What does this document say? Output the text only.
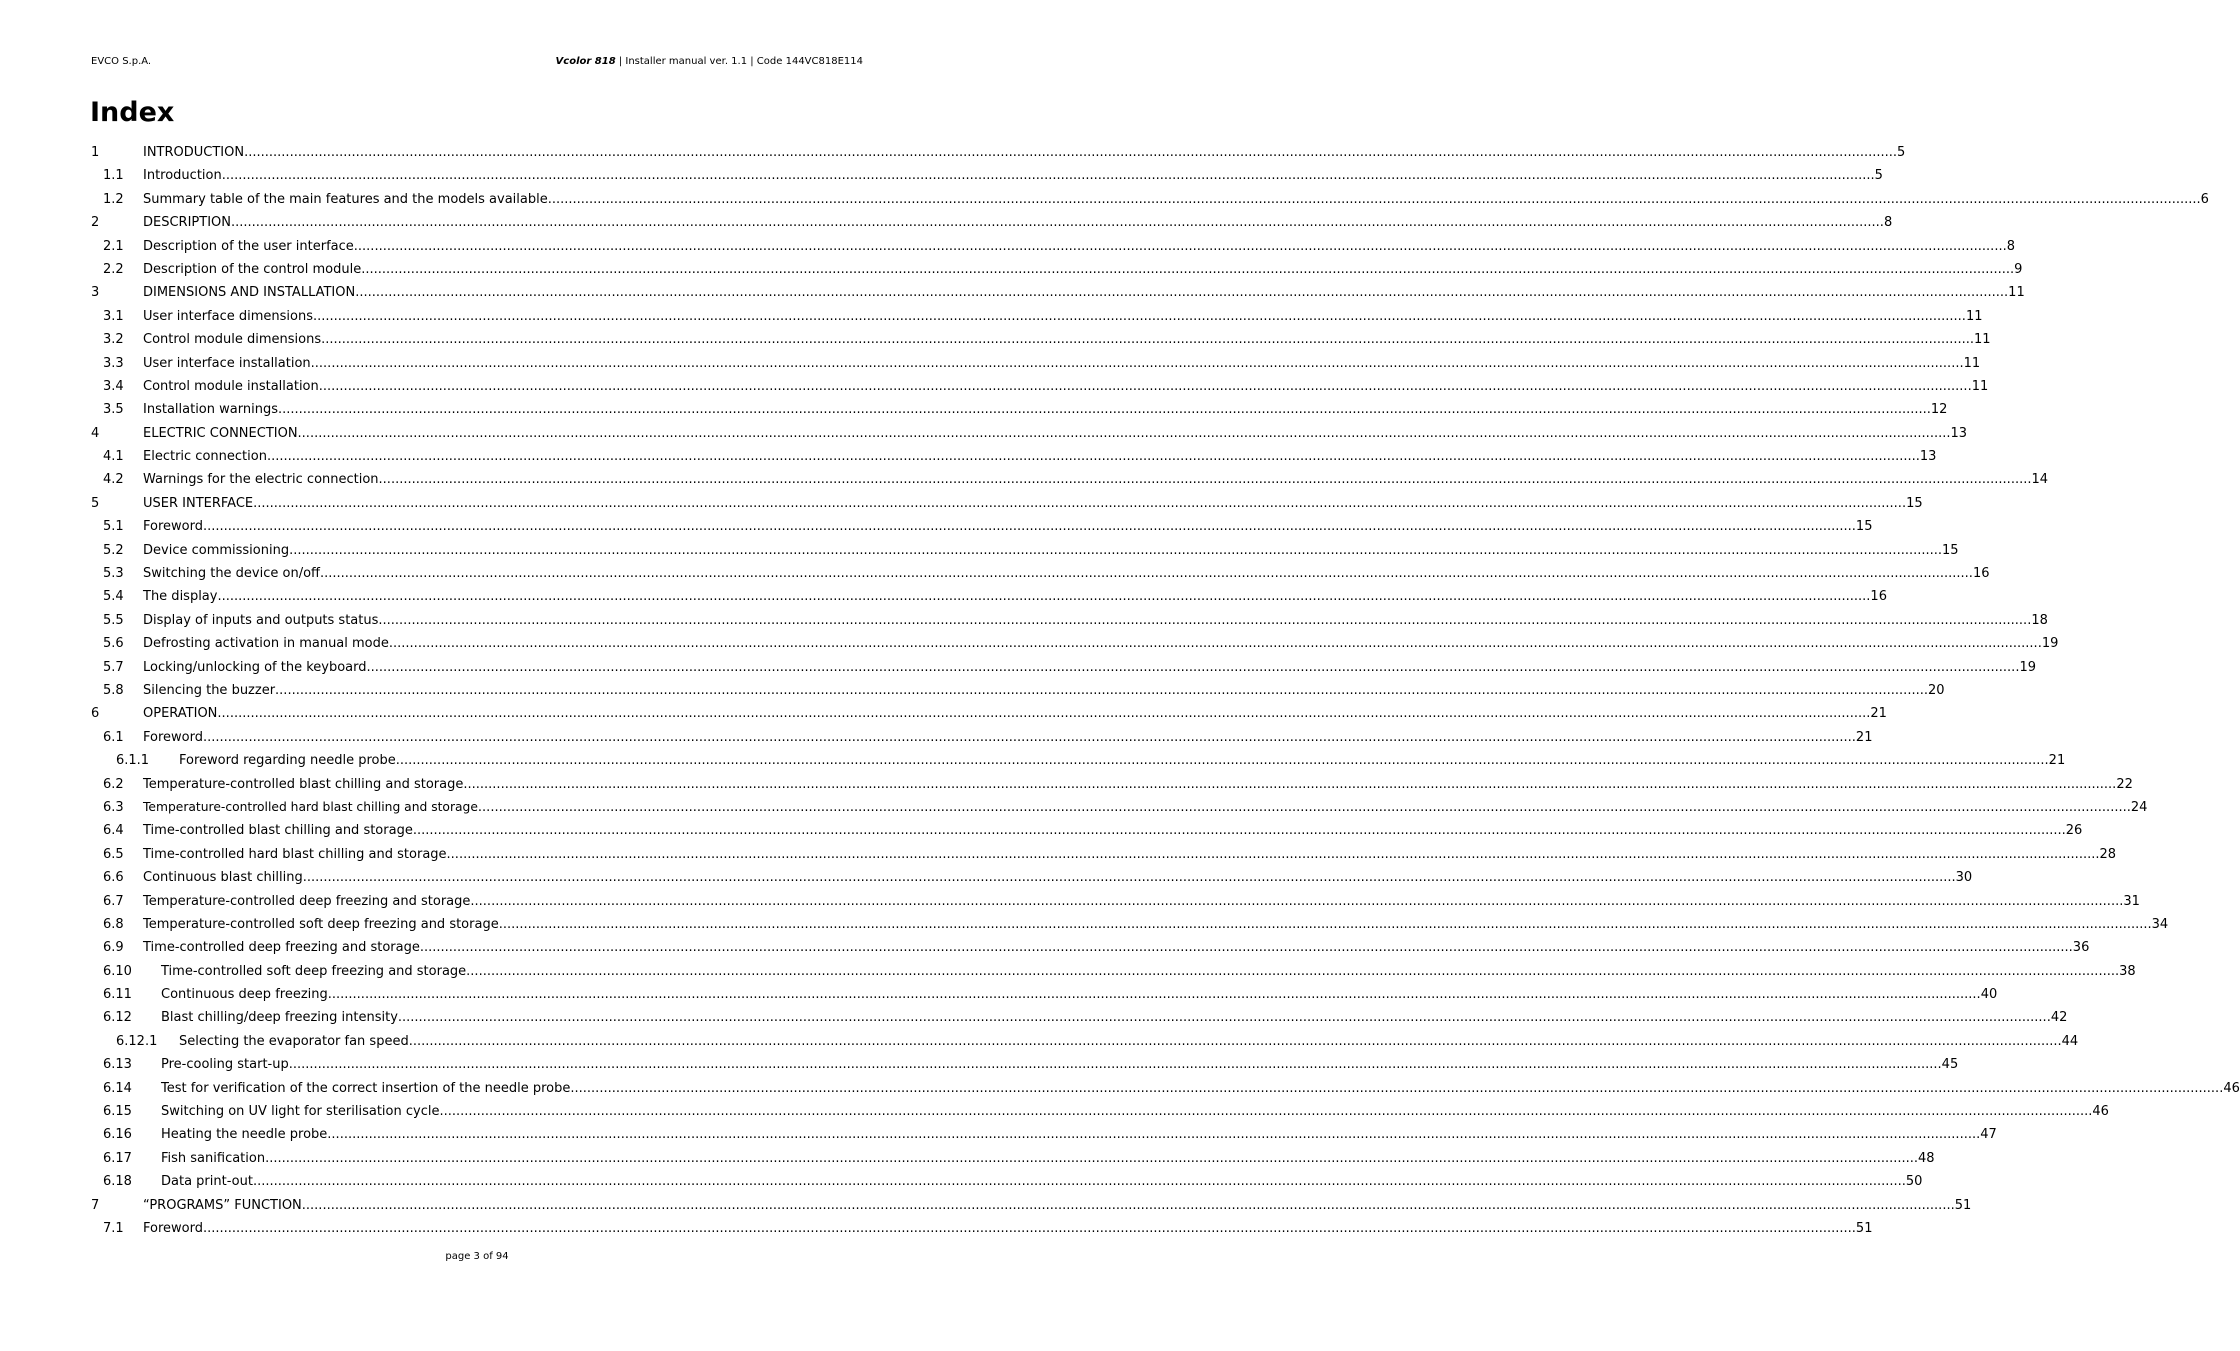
EVCO S.p.A.	Vcolor 818 | Installer manual ver. 1.1 | Code 144VC818E114
Index
1	INTRODUCTION ................................................................................................................................................................................................................................................................................................................................................................................................................ 5
1.1 Introduction ................................................................................................................................................................................................................................................................................................................................................................................................................ 5
1.2 Summary table of the main features and the models available ................................................................................................................................................................................................................................................................................................................................................................................................................ 6
2	DESCRIPTION ................................................................................................................................................................................................................................................................................................................................................................................................................ 8
2.1 Description of the user interface ................................................................................................................................................................................................................................................................................................................................................................................................................ 8
2.2 Description of the control module ................................................................................................................................................................................................................................................................................................................................................................................................................ 9
3	DIMENSIONS AND INSTALLATION ................................................................................................................................................................................................................................................................................................................................................................................................................ 11
3.1 User interface dimensions ................................................................................................................................................................................................................................................................................................................................................................................................................ 11
3.2 Control module dimensions ................................................................................................................................................................................................................................................................................................................................................................................................................ 11
3.3 User interface installation ................................................................................................................................................................................................................................................................................................................................................................................................................ 11
3.4 Control module installation ................................................................................................................................................................................................................................................................................................................................................................................................................ 11
3.5 Installation warnings ................................................................................................................................................................................................................................................................................................................................................................................................................ 12
4	ELECTRIC CONNECTION ................................................................................................................................................................................................................................................................................................................................................................................................................ 13
4.1 Electric connection ................................................................................................................................................................................................................................................................................................................................................................................................................ 13
4.2 Warnings for the electric connection ................................................................................................................................................................................................................................................................................................................................................................................................................ 14
5	USER INTERFACE ................................................................................................................................................................................................................................................................................................................................................................................................................ 15
5.1 Foreword ................................................................................................................................................................................................................................................................................................................................................................................................................ 15
5.2 Device commissioning ................................................................................................................................................................................................................................................................................................................................................................................................................ 15
5.3 Switching the device on/off ................................................................................................................................................................................................................................................................................................................................................................................................................ 16
5.4 The display ................................................................................................................................................................................................................................................................................................................................................................................................................ 16
5.5 Display of inputs and outputs status ................................................................................................................................................................................................................................................................................................................................................................................................................ 18
5.6 Defrosting activation in manual mode ................................................................................................................................................................................................................................................................................................................................................................................................................ 19
5.7 Locking/unlocking of the keyboard ................................................................................................................................................................................................................................................................................................................................................................................................................ 19
5.8 Silencing the buzzer ................................................................................................................................................................................................................................................................................................................................................................................................................ 20
6	OPERATION ................................................................................................................................................................................................................................................................................................................................................................................................................ 21
6.1 Foreword ................................................................................................................................................................................................................................................................................................................................................................................................................ 21
6.1.1 Foreword regarding needle probe ................................................................................................................................................................................................................................................................................................................................................................................................................ 21
6.2 Temperature-controlled blast chilling and storage ................................................................................................................................................................................................................................................................................................................................................................................................................ 22
6.3 Temperature-controlled hard blast chilling and storage ................................................................................................................................................................................................................................................................................................................................................................................................................ 24
6.4 Time-controlled blast chilling and storage ................................................................................................................................................................................................................................................................................................................................................................................................................ 26
6.5 Time-controlled hard blast chilling and storage ................................................................................................................................................................................................................................................................................................................................................................................................................ 28
6.6 Continuous blast chilling ................................................................................................................................................................................................................................................................................................................................................................................................................ 30
6.7 Temperature-controlled deep freezing and storage ................................................................................................................................................................................................................................................................................................................................................................................................................ 31
6.8 Temperature-controlled soft deep freezing and storage ................................................................................................................................................................................................................................................................................................................................................................................................................ 34
6.9 Time-controlled deep freezing and storage ................................................................................................................................................................................................................................................................................................................................................................................................................ 36
6.10 Time-controlled soft deep freezing and storage ................................................................................................................................................................................................................................................................................................................................................................................................................ 38
6.11 Continuous deep freezing ................................................................................................................................................................................................................................................................................................................................................................................................................ 40
6.12 Blast chilling/deep freezing intensity ................................................................................................................................................................................................................................................................................................................................................................................................................ 42
6.12.1 Selecting the evaporator fan speed ................................................................................................................................................................................................................................................................................................................................................................................................................ 44
6.13 Pre-cooling start-up ................................................................................................................................................................................................................................................................................................................................................................................................................ 45
6.14 Test for verification of the correct insertion of the needle probe ................................................................................................................................................................................................................................................................................................................................................................................................................ 46
6.15 Switching on UV light for sterilisation cycle ................................................................................................................................................................................................................................................................................................................................................................................................................ 46
6.16 Heating the needle probe ................................................................................................................................................................................................................................................................................................................................................................................................................ 47
6.17 Fish sanification ................................................................................................................................................................................................................................................................................................................................................................................................................ 48
6.18 Data print-out ................................................................................................................................................................................................................................................................................................................................................................................................................ 50
7	“PROGRAMS” FUNCTION ................................................................................................................................................................................................................................................................................................................................................................................................................ 51
7.1 Foreword ................................................................................................................................................................................................................................................................................................................................................................................................................ 51
page 3 of 94
